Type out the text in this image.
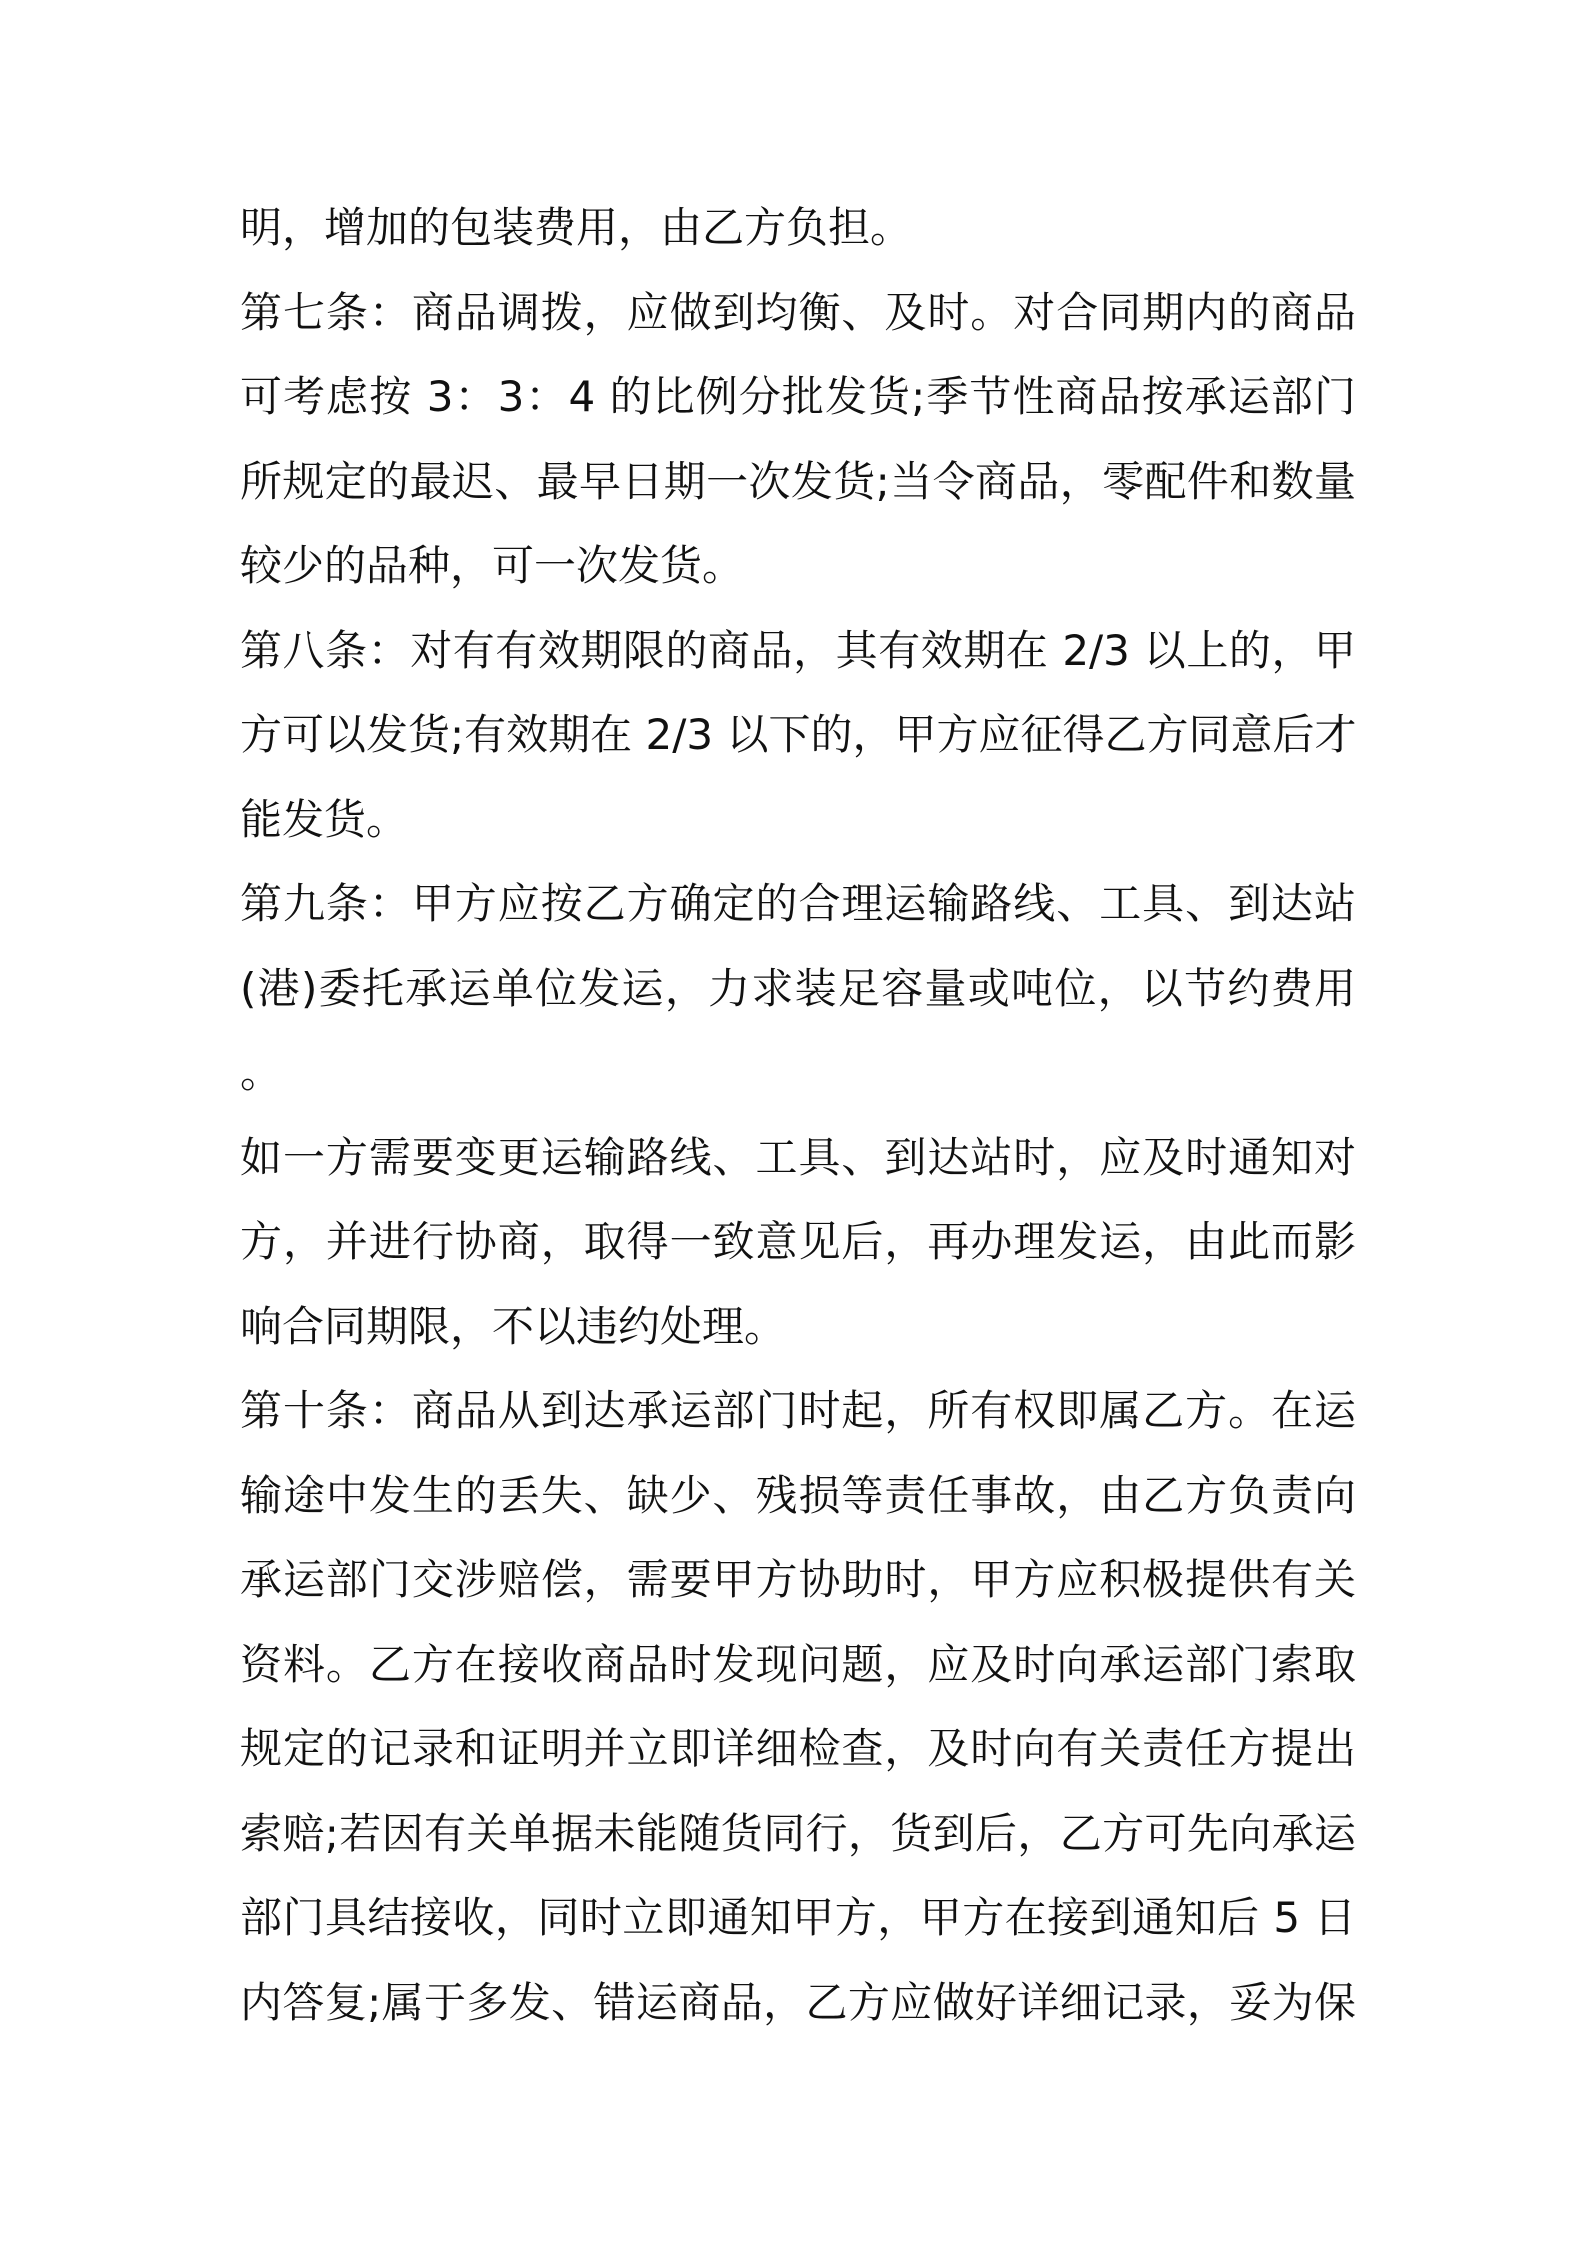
明，增加的包装费用，由乙方负担。
第七条：商品调拨，应做到均衡、及时。对合同期内的商品
可考虑按 3：3：4 的比例分批发货;季节性商品按承运部门
所规定的最迟、最早日期一次发货;当令商品，零配件和数量
较少的品种，可一次发货。
第八条：对有有效期限的商品，其有效期在 2/3 以上的，甲
方可以发货;有效期在 2/3 以下的，甲方应征得乙方同意后才
能发货。
第九条：甲方应按乙方确定的合理运输路线、工具、到达站
(港)委托承运单位发运，力求装足容量或吨位，以节约费用
。
如一方需要变更运输路线、工具、到达站时，应及时通知对
方，并进行协商，取得一致意见后，再办理发运，由此而影
响合同期限，不以违约处理。
第十条：商品从到达承运部门时起，所有权即属乙方。在运
输途中发生的丢失、缺少、残损等责任事故，由乙方负责向
承运部门交涉赔偿，需要甲方协助时，甲方应积极提供有关
资料。乙方在接收商品时发现问题，应及时向承运部门索取
规定的记录和证明并立即详细检查，及时向有关责任方提出
索赔;若因有关单据未能随货同行，货到后，乙方可先向承运
部门具结接收，同时立即通知甲方，甲方在接到通知后 5 日
内答复;属于多发、错运商品，乙方应做好详细记录，妥为保
